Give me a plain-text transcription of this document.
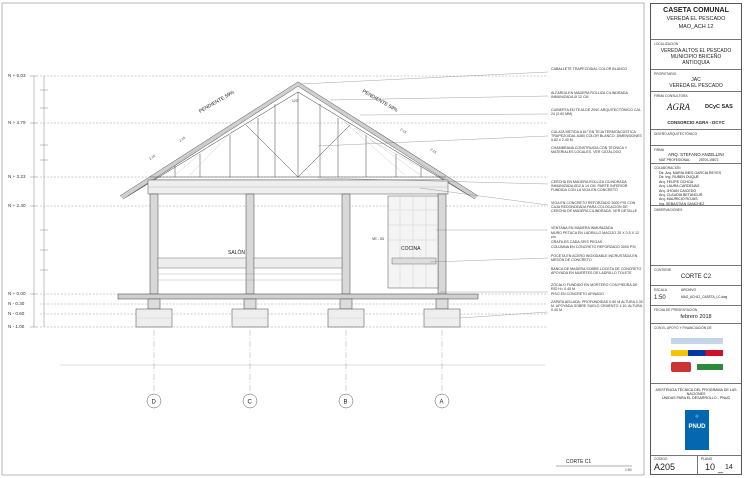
N + 6.03
N + 4.79
N + 3.23
N + 2.40
N + 0.00
N - 0.30
N - 0.60
N - 1.00
PENDIENTE 59%	PENDIENTE 59%
2.15
2.15
2.15
2.15
120°
SALÓN
COCINA
VE - 03
D	C	B	A
CORTE C1
1:50
CABALLETE TRAPEZOIDAL COLOR BLANCO
ALFARDA EN MADERA ROLLIZA CILINDRADA INMUNIZADA Ø 12 CM
CUBIERTA EN TEJA DE ZINC ARQUITECTÓNICO CAL 24 (0.60 MM)
CULATA METIDA A 61° EN TEJA TERMOACÚSTICA TRAPEZOIDAL A360 COLOR BLANCO. DIMENSIONES 0.82 x 2.40 M
CHAMBRANA CONSTRUIDA CON TÉCNICA Y MATERIALES LOCALES. VER CATÁLOGO
CERCHA EN MADERA ROLLIZA CILINDRADA INMUNIZADA Ø12 A 14 CM. PARTE INFERIOR FUNDIDA CON LA VIGA EN CONCRETO
VIGA EN CONCRETO REFORZADO 3000 PSI CON CAJA REDONDEADA PARA COLOCACIÓN DE CERCHA DE MADERA CILINDRADA. VER DETALLE
VENTANA EN MADERA INMUNIZADA
MURO PETACA EN LADRILLO MACIZO 25 X 0.5 X 12 cm.
GRAFILES CADA SEIS PEGAS
COLUMNA EN CONCRETO REFORZADO 3000 PSI
POCETA EN ACERO INOXIDABLE INCRUSTADA EN MESÓN DE CONCRETO
BANCA DE MADERA SOBRE LOCETA DE CONCRETO APOYADA EN MUERTES DE LADRILLO TOLETE
ZÓCALO FUNDIDO EN MORTERO CON PIEDRA DE RÍO H= 0.40 M
PISO EN CONCRETO AFINADO
ZAPATA AISLADA: PROFUNDIDAD 0.60 M ALTURA 0.30 M. APOYADA SOBRE SUELO CEMENTO 1:10. ALTURA 0.40 M
CASETA COMUNAL
VEREDA EL PESCADO
MAO_ACH 12
LOCALIZACION
VEREDA ALTOS EL PESCADO
MUNICIPIO BRICEÑO
ANTIOQUIA
PROPIETARIO
JAC
VEREDA EL PESCADO
FIRMA CONSULTORA
AGRA	DCyC SAS
CONSORCIO AGRA - DCYC
DISEÑO ARQUITECTÓNICO
FIRMA
ARQ. STEFANO ANZELLINI
MAT PROFESIONAL	25700-15872
COLABORACIÓN
Dir. Arq. MARIA INES GARCIA REYES
Dir. Ing. RUBEN DUQUE
Arq. FELIPE OCHOA
Arq. LAURA CARDENAS
Arq. JHOAN CAICEDO
Arq. CLAUDIA BETANCUR
Arq. MAURICIO ROJAS
Ing. SEBASTIAN SANCHEZ
OBSERVACIONES
CONTIENE
CORTE C2
ESCALA
1:50
ARCHIVO
MAO_ACH12_CASETA_LC.dwg
FECHA DE PRESENTACIÓN
febrero 2018
CON EL APOYO Y FINANCIACIÓN DE
ASISTENCIA TÉCNICA DEL PROGRAMA DE LAS
NACIONES
UNIDAS PARA EL DESARROLLO - PNUD
◎
PNUD
CODIGO
A205
PLANO
10 _ 14
